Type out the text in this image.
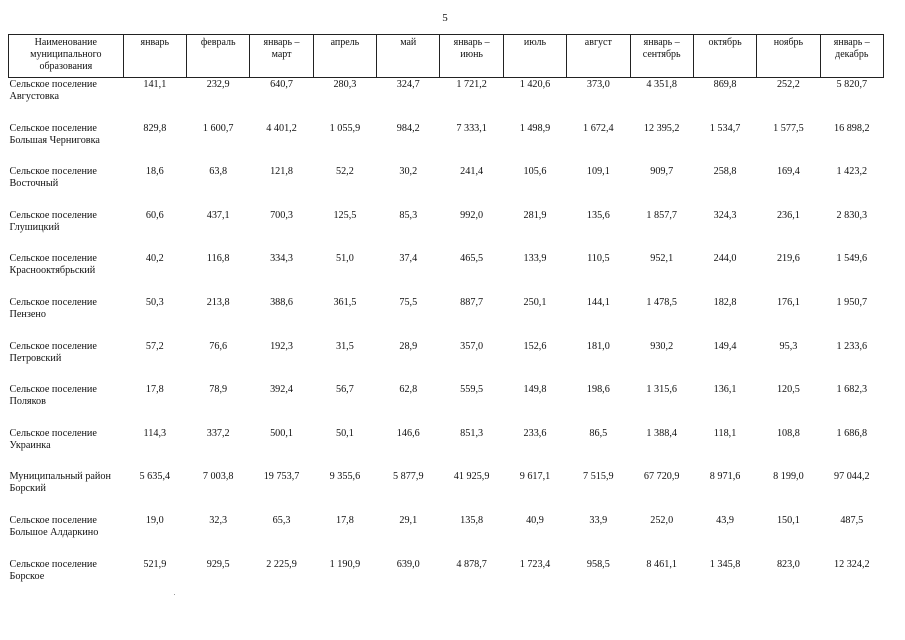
5
Наименование муниципального образования	январь	февраль	январь – март	апрель	май	январь – июнь	июль	август	январь – сентябрь	октябрь	ноябрь	январь – декабрь
Сельское поселение Августовка	141,1	232,9	640,7	280,3	324,7	1 721,2	1 420,6	373,0	4 351,8	869,8	252,2	5 820,7
Сельское поселение Большая Черниговка	829,8	1 600,7	4 401,2	1 055,9	984,2	7 333,1	1 498,9	1 672,4	12 395,2	1 534,7	1 577,5	16 898,2
Сельское поселение Восточный	18,6	63,8	121,8	52,2	30,2	241,4	105,6	109,1	909,7	258,8	169,4	1 423,2
Сельское поселение Глушицкий	60,6	437,1	700,3	125,5	85,3	992,0	281,9	135,6	1 857,7	324,3	236,1	2 830,3
Сельское поселение Краснооктябрьский	40,2	116,8	334,3	51,0	37,4	465,5	133,9	110,5	952,1	244,0	219,6	1 549,6
Сельское поселение Пензено	50,3	213,8	388,6	361,5	75,5	887,7	250,1	144,1	1 478,5	182,8	176,1	1 950,7
Сельское поселение Петровский	57,2	76,6	192,3	31,5	28,9	357,0	152,6	181,0	930,2	149,4	95,3	1 233,6
Сельское поселение Поляков	17,8	78,9	392,4	56,7	62,8	559,5	149,8	198,6	1 315,6	136,1	120,5	1 682,3
Сельское поселение Украинка	114,3	337,2	500,1	50,1	146,6	851,3	233,6	86,5	1 388,4	118,1	108,8	1 686,8
Муниципальный район Борский	5 635,4	7 003,8	19 753,7	9 355,6	5 877,9	41 925,9	9 617,1	7 515,9	67 720,9	8 971,6	8 199,0	97 044,2
Сельское поселение Большое Алдаркино	19,0	32,3	65,3	17,8	29,1	135,8	40,9	33,9	252,0	43,9	150,1	487,5
Сельское поселение Борское	521,9	929,5	2 225,9	1 190,9	639,0	4 878,7	1 723,4	958,5	8 461,1	1 345,8	823,0	12 324,2
